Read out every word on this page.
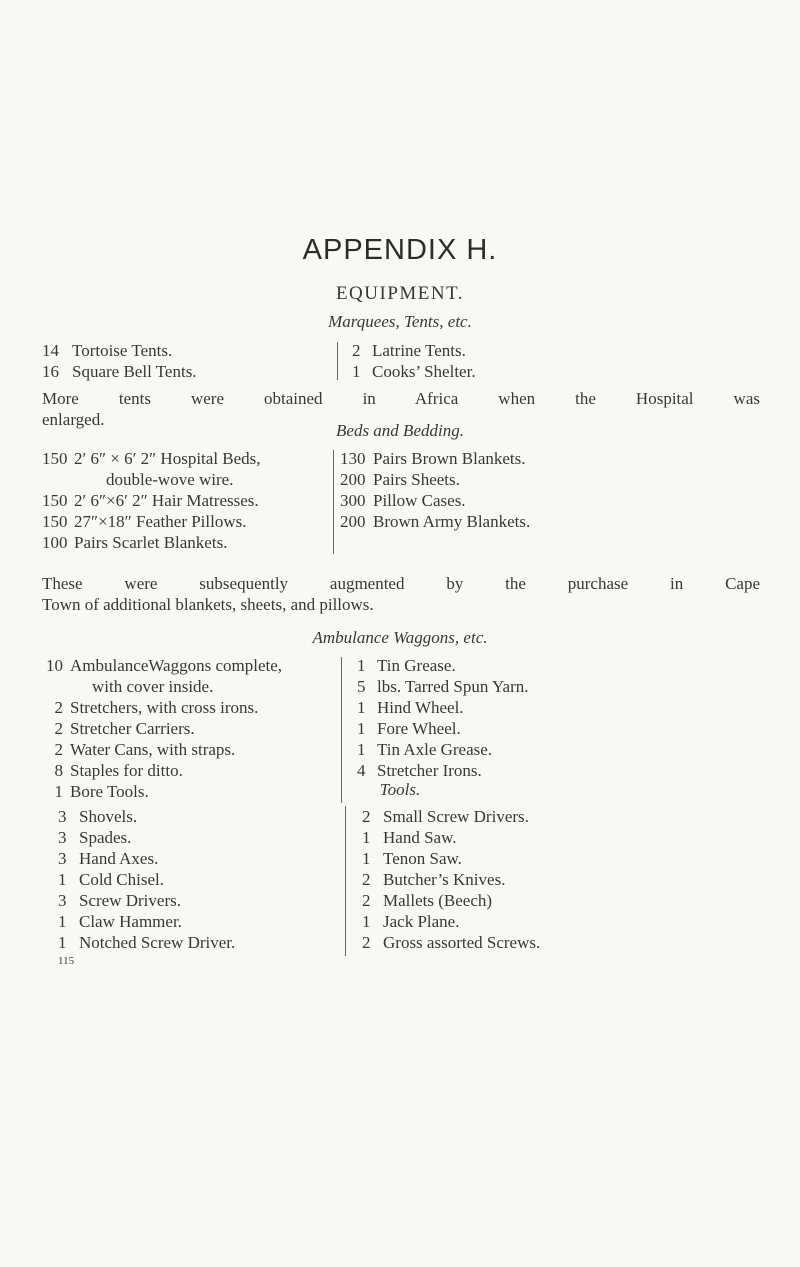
APPENDIX H.
EQUIPMENT.
Marquees, Tents, etc.
14 Tortoise Tents.
16 Square Bell Tents.
2 Latrine Tents.
1 Cooks’ Shelter.
More tents were obtained in Africa when the Hospital was
enlarged.
Beds and Bedding.
150 2′ 6″ × 6′ 2″ Hospital Beds,
double-wove wire.
150 2′ 6″×6′ 2″ Hair Matresses.
150 27″×18″ Feather Pillows.
100 Pairs Scarlet Blankets.
130 Pairs Brown Blankets.
200 Pairs Sheets.
300 Pillow Cases.
200 Brown Army Blankets.
These were subsequently augmented by the purchase in Cape
Town of additional blankets, sheets, and pillows.
Ambulance Waggons, etc.
10 AmbulanceWaggons complete,
with cover inside.
2 Stretchers, with cross irons.
2 Stretcher Carriers.
2 Water Cans, with straps.
8 Staples for ditto.
1 Bore Tools.
1 Tin Grease.
5 lbs. Tarred Spun Yarn.
1 Hind Wheel.
1 Fore Wheel.
1 Tin Axle Grease.
4 Stretcher Irons.
Tools.
3 Shovels.
3 Spades.
3 Hand Axes.
1 Cold Chisel.
3 Screw Drivers.
1 Claw Hammer.
1 Notched Screw Driver.
2 Small Screw Drivers.
1 Hand Saw.
1 Tenon Saw.
2 Butcher’s Knives.
2 Mallets (Beech)
1 Jack Plane.
2 Gross assorted Screws.
115
